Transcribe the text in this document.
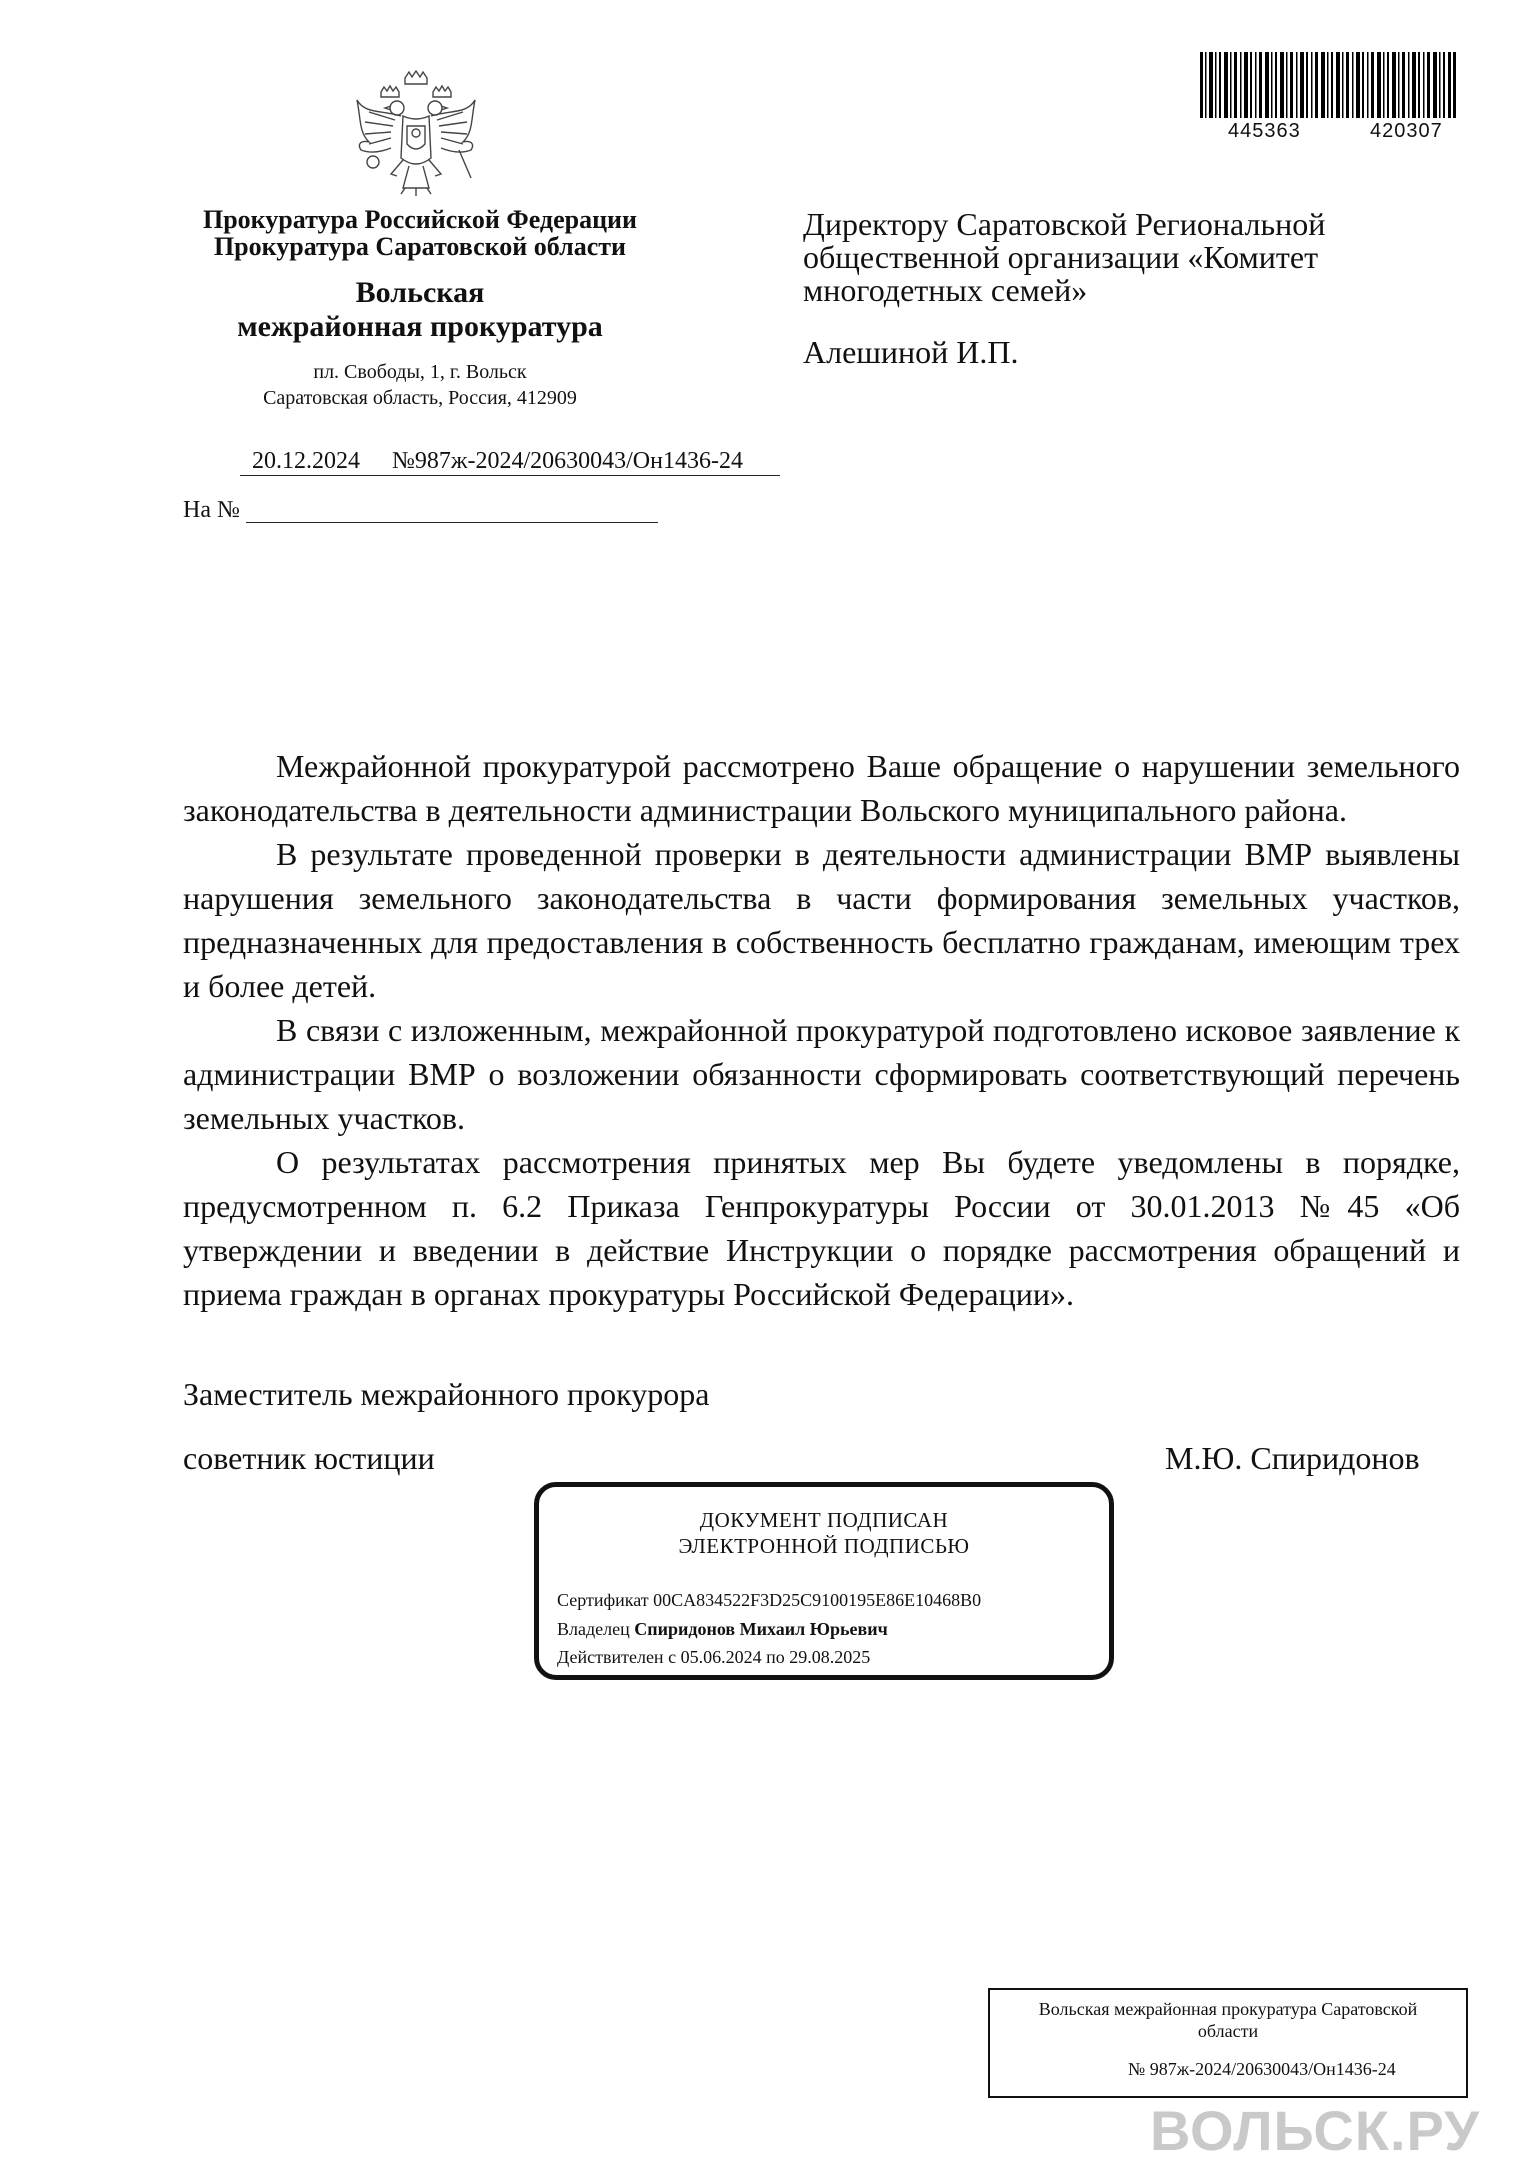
Прокуратура Российской Федерации
Прокуратура Саратовской области
Вольская
межрайонная прокуратура
пл. Свободы, 1, г. Вольск
Саратовская область, Россия, 412909
445363	420307
Директору Саратовской Региональной
общественной организации «Комитет
многодетных семей»
Алешиной И.П.
20.12.2024	№987ж-2024/20630043/Он1436-24
На №

Межрайонной прокуратурой рассмотрено Ваше обращение о нарушении земельного законодательства в деятельности администрации Вольского муниципального района.

В результате проведенной проверки в деятельности администрации ВМР выявлены нарушения земельного законодательства в части формирования земельных участков, предназначенных для предоставления в собственность бесплатно гражданам, имеющим трех и более детей.

В связи с изложенным, межрайонной прокуратурой подготовлено исковое заявление к администрации ВМР о возложении обязанности сформировать соответствующий перечень земельных участков.

О результатах рассмотрения принятых мер Вы будете уведомлены в порядке, предусмотренном п. 6.2 Приказа Генпрокуратуры России от 30.01.2013 №45 «Об утверждении и введении в действие Инструкции о порядке рассмотрения обращений и приема граждан в органах прокуратуры Российской Федерации».

Заместитель межрайонного прокурора
советник юстиции	М.Ю. Спиридонов
ДОКУМЕНТ ПОДПИСАН
ЭЛЕКТРОННОЙ ПОДПИСЬЮ
Сертификат 00CA834522F3D25C9100195E86E10468B0
Владелец Спиридонов Михаил Юрьевич
Действителен с 05.06.2024 по 29.08.2025
Вольская межрайонная прокуратура Саратовской
области
№ 987ж-2024/20630043/Он1436-24
ВОЛЬСК.РУ
